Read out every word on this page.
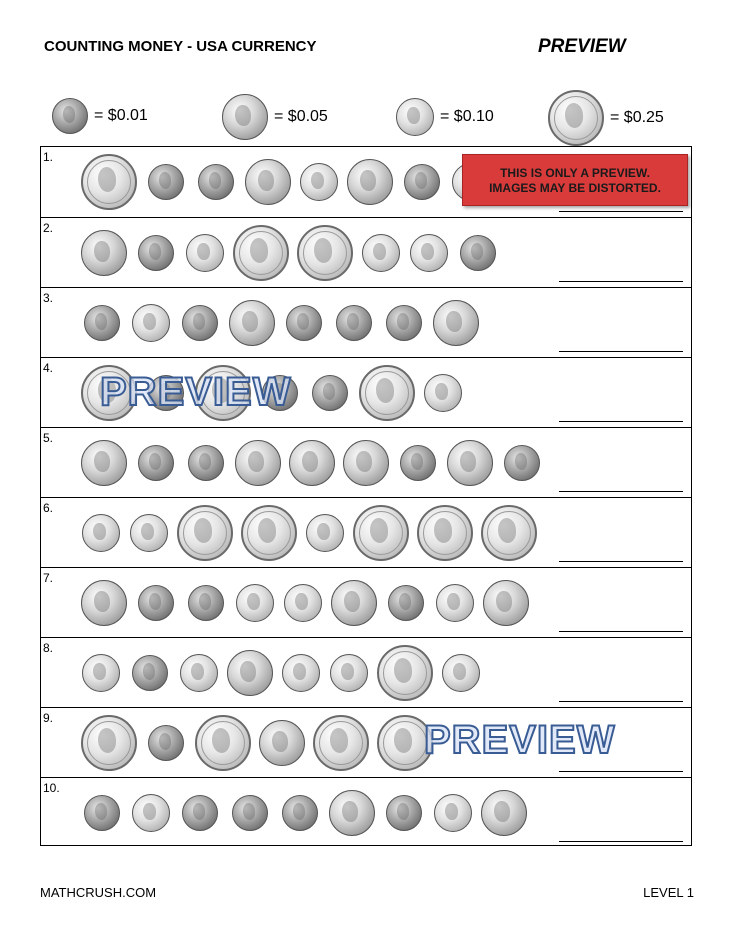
COUNTING MONEY - USA CURRENCY	PREVIEW
= $0.01	= $0.05	= $0.10	= $0.25
1.
2.
3.
4.
5.
6.
7.
8.
9.
10.
THIS IS ONLY A PREVIEW.
IMAGES MAY BE DISTORTED.
PREVIEW
PREVIEW
MATHCRUSH.COM	LEVEL 1
